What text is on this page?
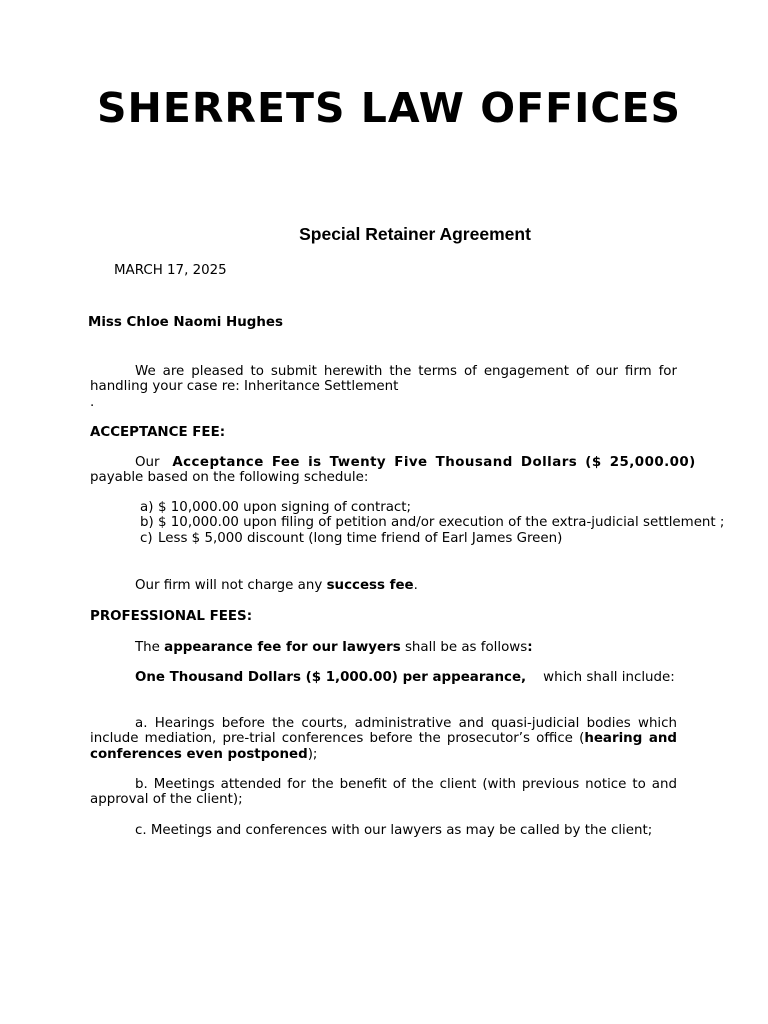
SHERRETS LAW OFFICES
Special Retainer Agreement
MARCH 17, 2025
Miss Chloe Naomi Hughes

We are pleased to submit herewith the terms of engagement of our firm for handling your case re: Inheritance Settlement
.

ACCEPTANCE FEE:

Our Acceptance Fee is Twenty Five Thousand Dollars ($ 25,000.00)
payable based on the following schedule:

a) $ 10,000.00 upon signing of contract;
b) $ 10,000.00 upon filing of petition and/or execution of the extra-judicial settlement ;
c) Less $ 5,000 discount (long time friend of Earl James Green)

Our firm will not charge any success fee.

PROFESSIONAL FEES:

The appearance fee for our lawyers shall be as follows:

One Thousand Dollars ($ 1,000.00) per appearance, which shall include:

a. Hearings before the courts, administrative and quasi-judicial bodies which include mediation, pre-trial conferences before the prosecutor’s office (hearing and conferences even postponed);

b. Meetings attended for the benefit of the client (with previous notice to and approval of the client);

c. Meetings and conferences with our lawyers as may be called by the client;
